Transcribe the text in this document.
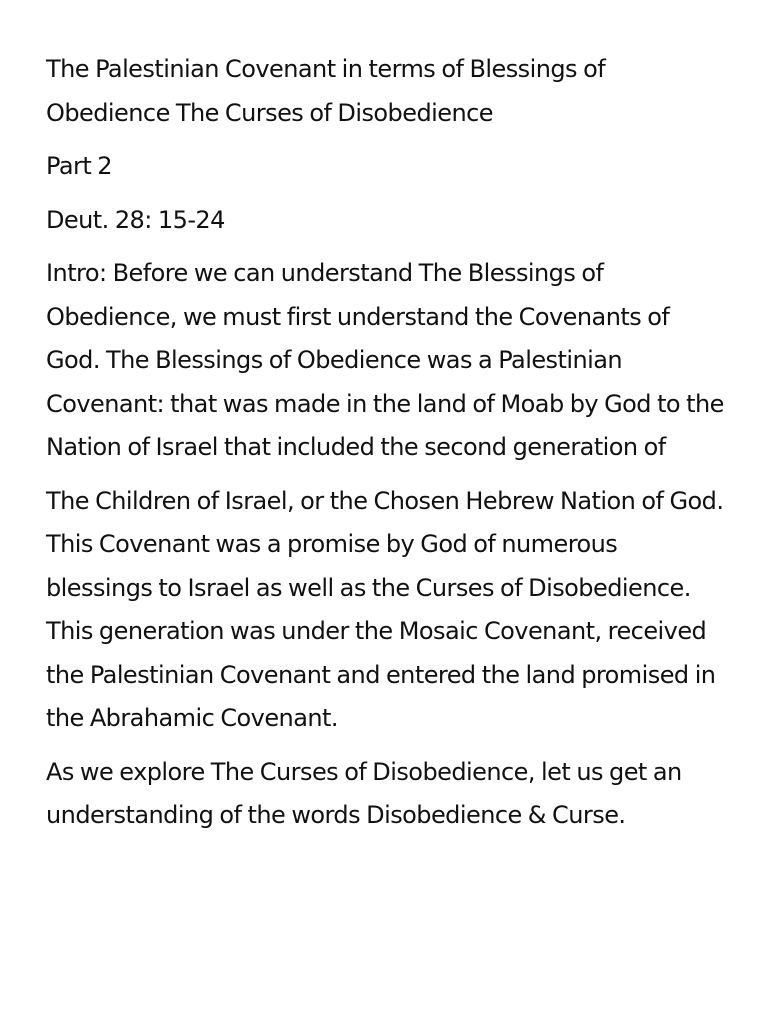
The Palestinian Covenant in terms of Blessings of Obedience The Curses of Disobedience

Part 2

Deut. 28: 15-24

Intro: Before we can understand The Blessings of Obedience, we must first understand the Covenants of God. The Blessings of Obedience was a Palestinian Covenant: that was made in the land of Moab by God to the Nation of Israel that included the second generation of

The Children of Israel, or the Chosen Hebrew Nation of God. This Covenant was a promise by God of numerous blessings to Israel as well as the Curses of Disobedience. This generation was under the Mosaic Covenant, received the Palestinian Covenant and entered the land promised in the Abrahamic Covenant.

As we explore The Curses of Disobedience, let us get an understanding of the words Disobedience & Curse.
